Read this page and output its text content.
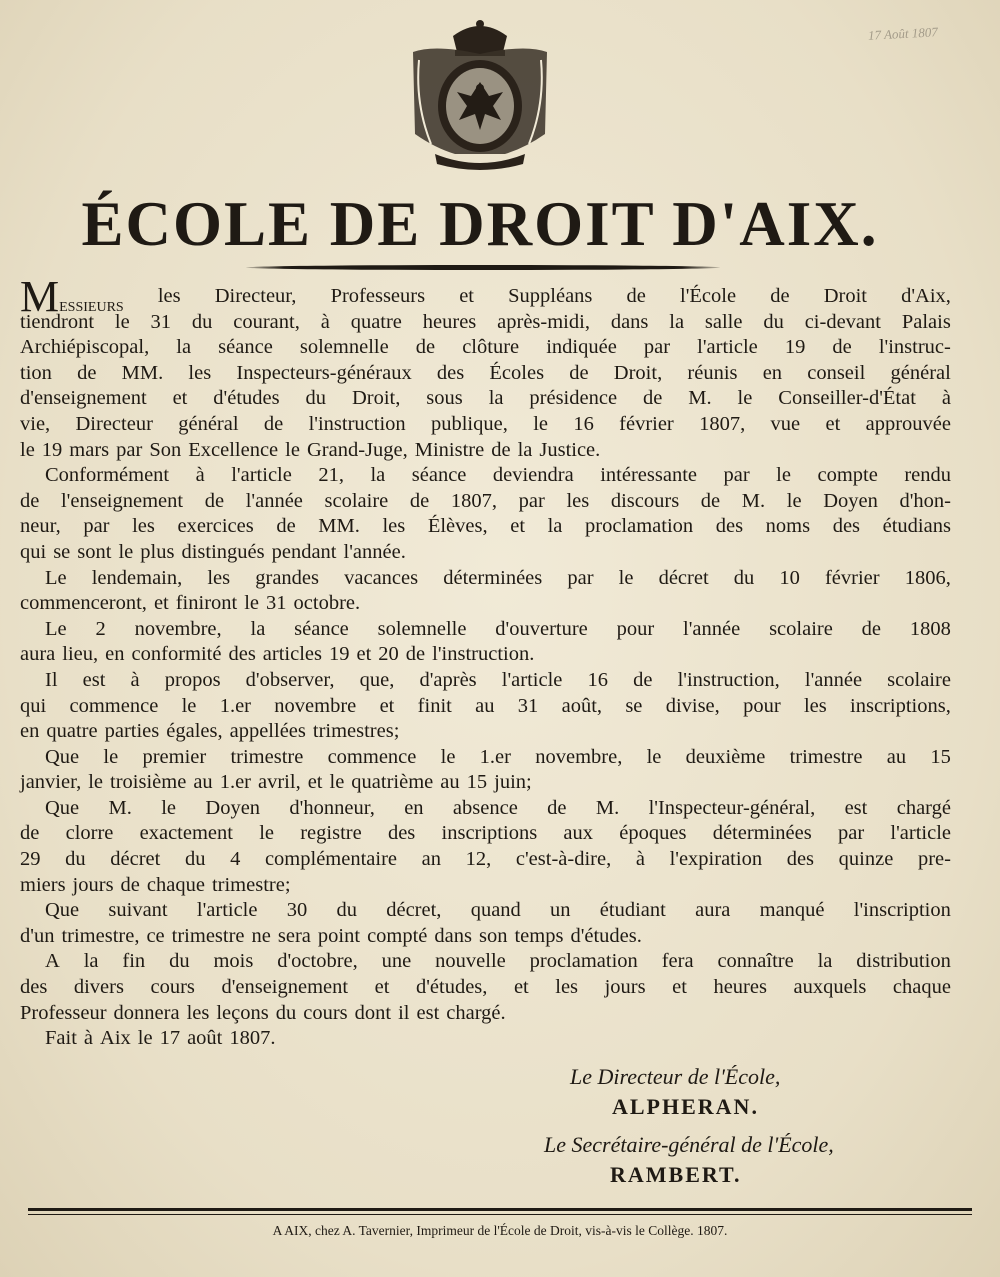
17 Août 1807
ÉCOLE DE DROIT D'AIX.
Messieurs les Directeur, Professeurs et Suppléans de l'École de Droit d'Aix,
tiendront le 31 du courant, à quatre heures après-midi, dans la salle du ci-devant Palais
Archiépiscopal, la séance solemnelle de clôture indiquée par l'article 19 de l'instruc-
tion de MM. les Inspecteurs-généraux des Écoles de Droit, réunis en conseil général
d'enseignement et d'études du Droit, sous la présidence de M. le Conseiller-d'État à
vie, Directeur général de l'instruction publique, le 16 février 1807, vue et approuvée
le 19 mars par Son Excellence le Grand-Juge, Ministre de la Justice.
Conformément à l'article 21, la séance deviendra intéressante par le compte rendu
de l'enseignement de l'année scolaire de 1807, par les discours de M. le Doyen d'hon-
neur, par les exercices de MM. les Élèves, et la proclamation des noms des étudians
qui se sont le plus distingués pendant l'année.
Le lendemain, les grandes vacances déterminées par le décret du 10 février 1806,
commenceront, et finiront le 31 octobre.
Le 2 novembre, la séance solemnelle d'ouverture pour l'année scolaire de 1808
aura lieu, en conformité des articles 19 et 20 de l'instruction.
Il est à propos d'observer, que, d'après l'article 16 de l'instruction, l'année scolaire
qui commence le 1.er novembre et finit au 31 août, se divise, pour les inscriptions,
en quatre parties égales, appellées trimestres;
Que le premier trimestre commence le 1.er novembre, le deuxième trimestre au 15
janvier, le troisième au 1.er avril, et le quatrième au 15 juin;
Que M. le Doyen d'honneur, en absence de M. l'Inspecteur-général, est chargé
de clorre exactement le registre des inscriptions aux époques déterminées par l'article
29 du décret du 4 complémentaire an 12, c'est-à-dire, à l'expiration des quinze pre-
miers jours de chaque trimestre;
Que suivant l'article 30 du décret, quand un étudiant aura manqué l'inscription
d'un trimestre, ce trimestre ne sera point compté dans son temps d'études.
A la fin du mois d'octobre, une nouvelle proclamation fera connaître la distribution
des divers cours d'enseignement et d'études, et les jours et heures auxquels chaque
Professeur donnera les leçons du cours dont il est chargé.
Fait à Aix le 17 août 1807.
Le Directeur de l'École,
ALPHERAN.
Le Secrétaire-général de l'École,
RAMBERT.
A AIX, chez A. Tavernier, Imprimeur de l'École de Droit, vis-à-vis le Collège. 1807.
